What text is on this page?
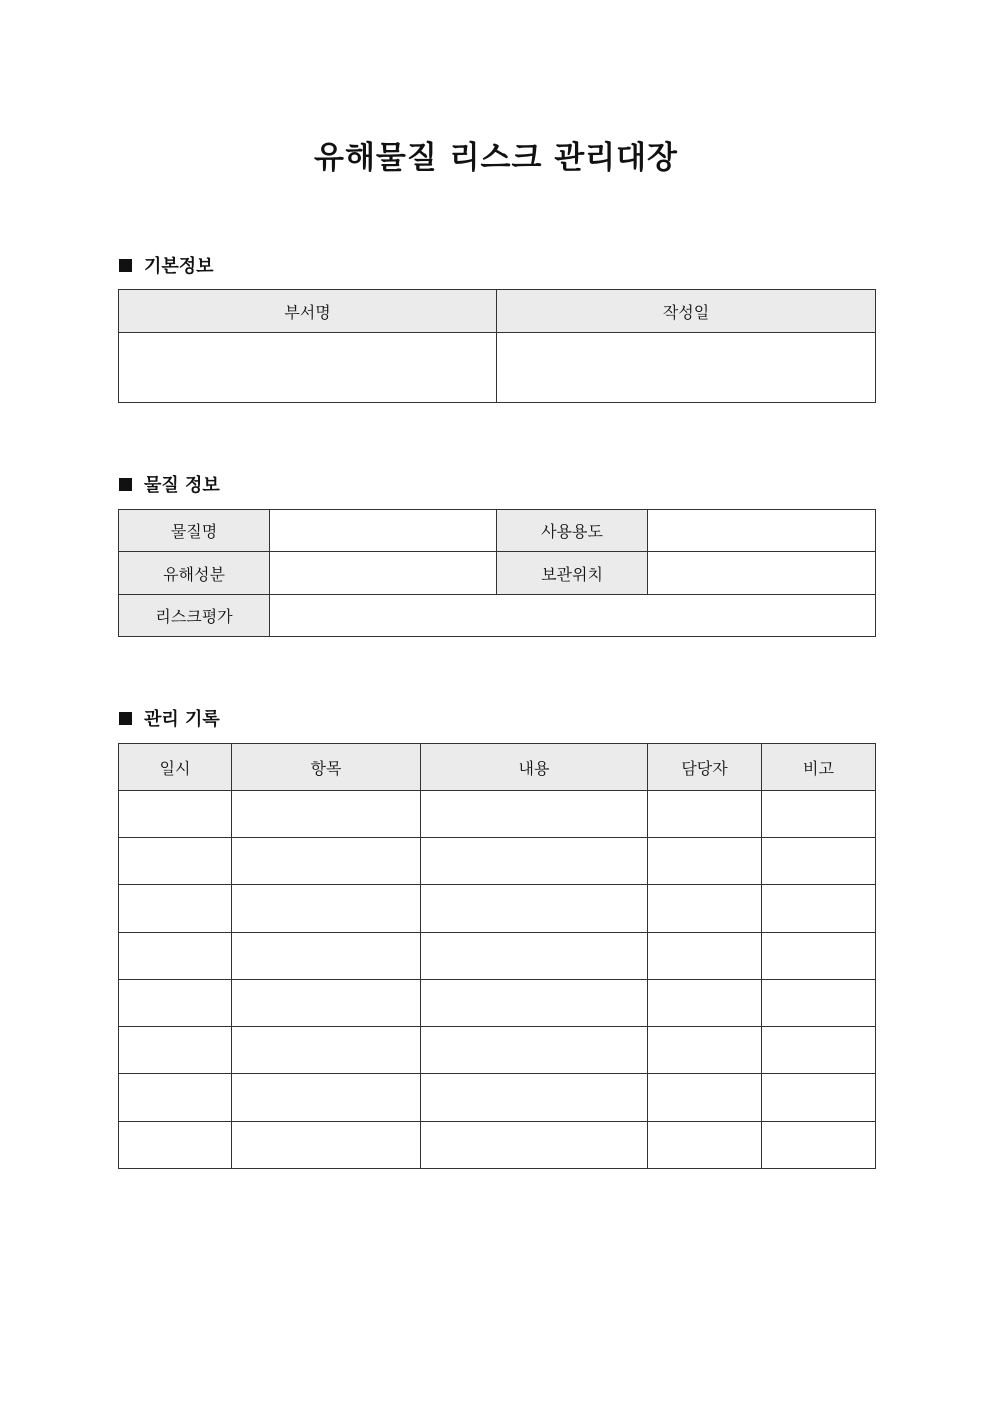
유해물질 리스크 관리대장
기본정보
부서명	작성일

물질 정보
물질명		사용용도	
유해성분		보관위치	
리스크평가			
관리 기록
일시	항목	내용	담당자	비고
